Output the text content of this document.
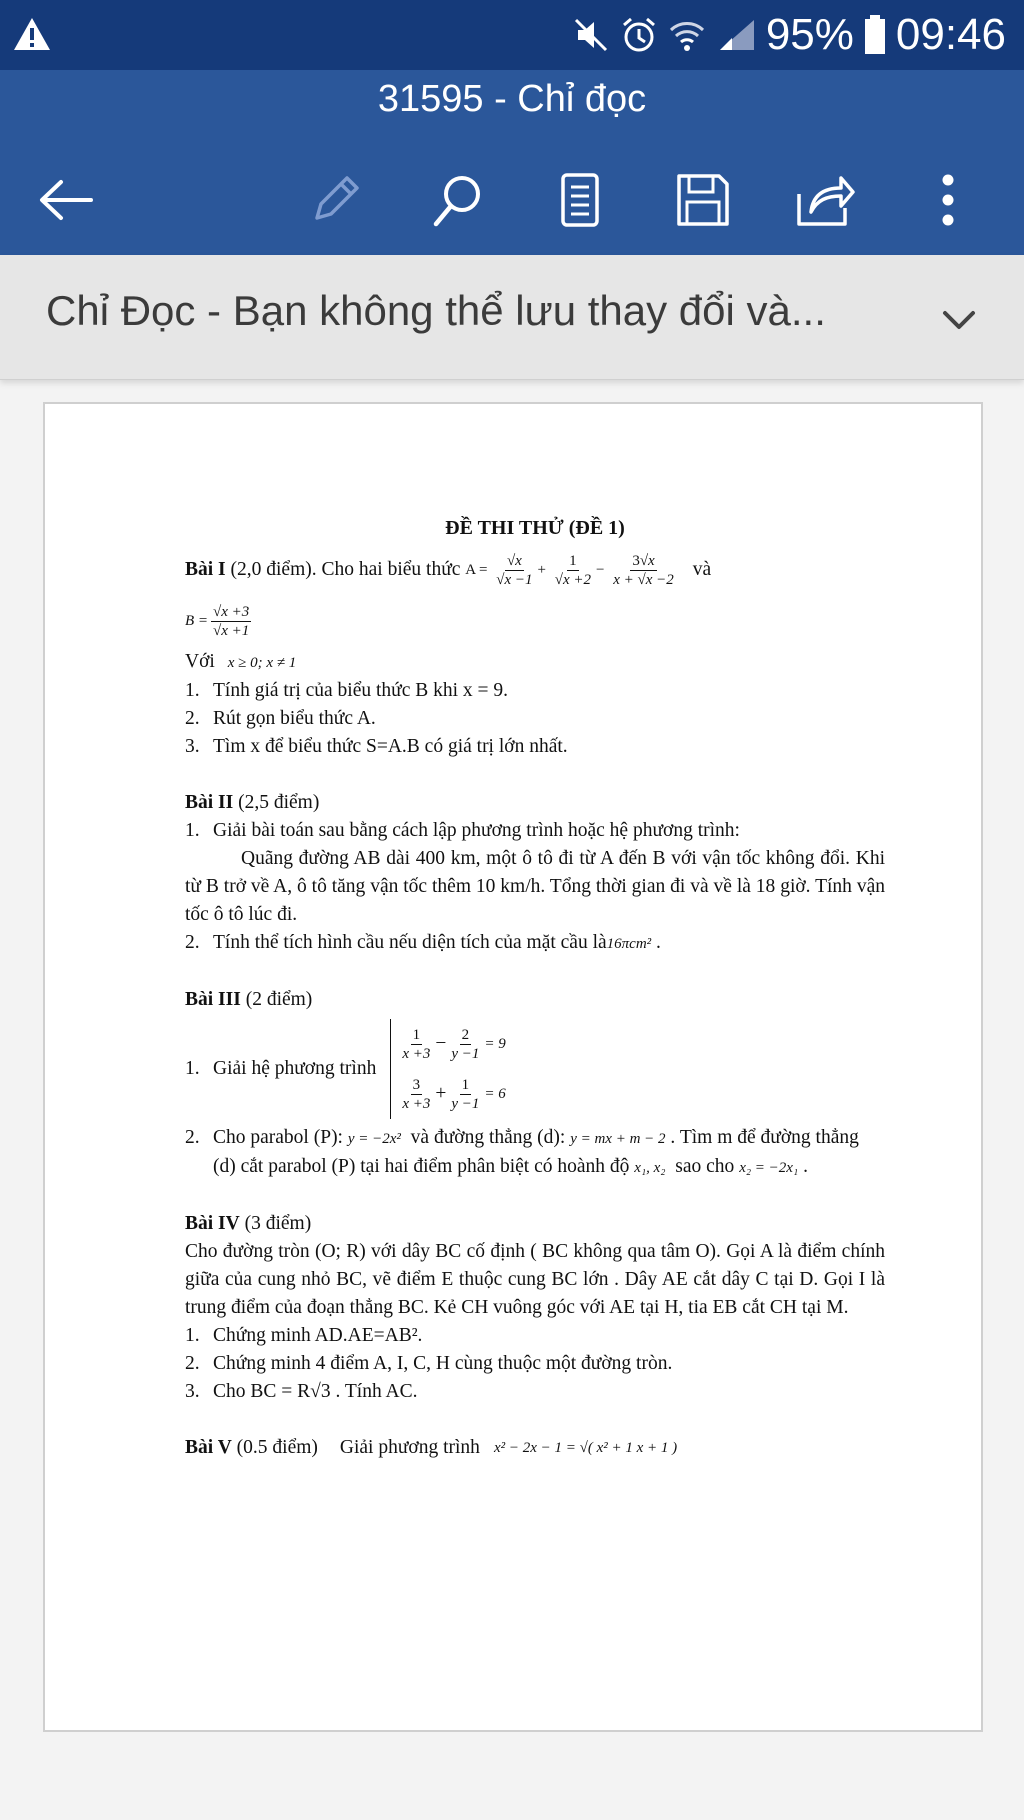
95% 09:46
31595 - Chỉ đọc
Chỉ Đọc - Bạn không thể lưu thay đổi và...
ĐỀ THI THỬ (ĐỀ 1)
Bài I (2,0 điểm). Cho hai biểu thức $A = \frac{√x}{√x -1} + \frac{1}{√x +2} - \frac{3√x}{x + √x -2}$ và
$B = \frac{√x +3}{√x +1}$
Với x ≥ 0; x ≠ 1
1. Tính giá trị của biểu thức B khi x = 9.
2. Rút gọn biểu thức A.
3. Tìm x để biểu thức S=A.B có giá trị lớn nhất.
Bài II (2,5 điểm)
1. Giải bài toán sau bằng cách lập phương trình hoặc hệ phương trình:
Quãng đường AB dài 400 km, một ô tô đi từ A đến B với vận tốc không đổi. Khi từ B trở về A, ô tô tăng vận tốc thêm 10 km/h. Tổng thời gian đi và về là 18 giờ. Tính vận tốc ô tô lúc đi.
2. Tính thể tích hình cầu nếu diện tích của mặt cầu là16πcm² .
Bài III (2 điểm)
1. Giải hệ phương trình
$\frac{1}{x +3} - \frac{2}{y -1} = 9$
$\frac{3}{x +3} + \frac{1}{y -1} = 6$
2. Cho parabol (P): y = −2x²  và đường thẳng (d): y = mx + m − 2 . Tìm m để đường thẳng (d) cắt parabol (P) tại hai điểm phân biệt có hoành độ x₁, x₂  sao cho x₂ = −2x₁ .
Bài IV (3 điểm)
Cho đường tròn (O; R) với dây BC cố định ( BC không qua tâm O). Gọi A là điểm chính giữa của cung nhỏ BC, vẽ điểm E thuộc cung BC lớn . Dây AE cắt dây C tại D. Gọi I là trung điểm của đoạn thẳng BC. Kẻ CH vuông góc với AE tại H, tia EB cắt CH tại M.
1. Chứng minh AD.AE=AB².
2. Chứng minh 4 điểm A, I, C, H cùng thuộc một đường tròn.
3. Cho BC = R√3 . Tính AC.
Bài V (0.5 điểm) Giải phương trình x² − 2x − 1 = √( x² + 1 x + 1 )
